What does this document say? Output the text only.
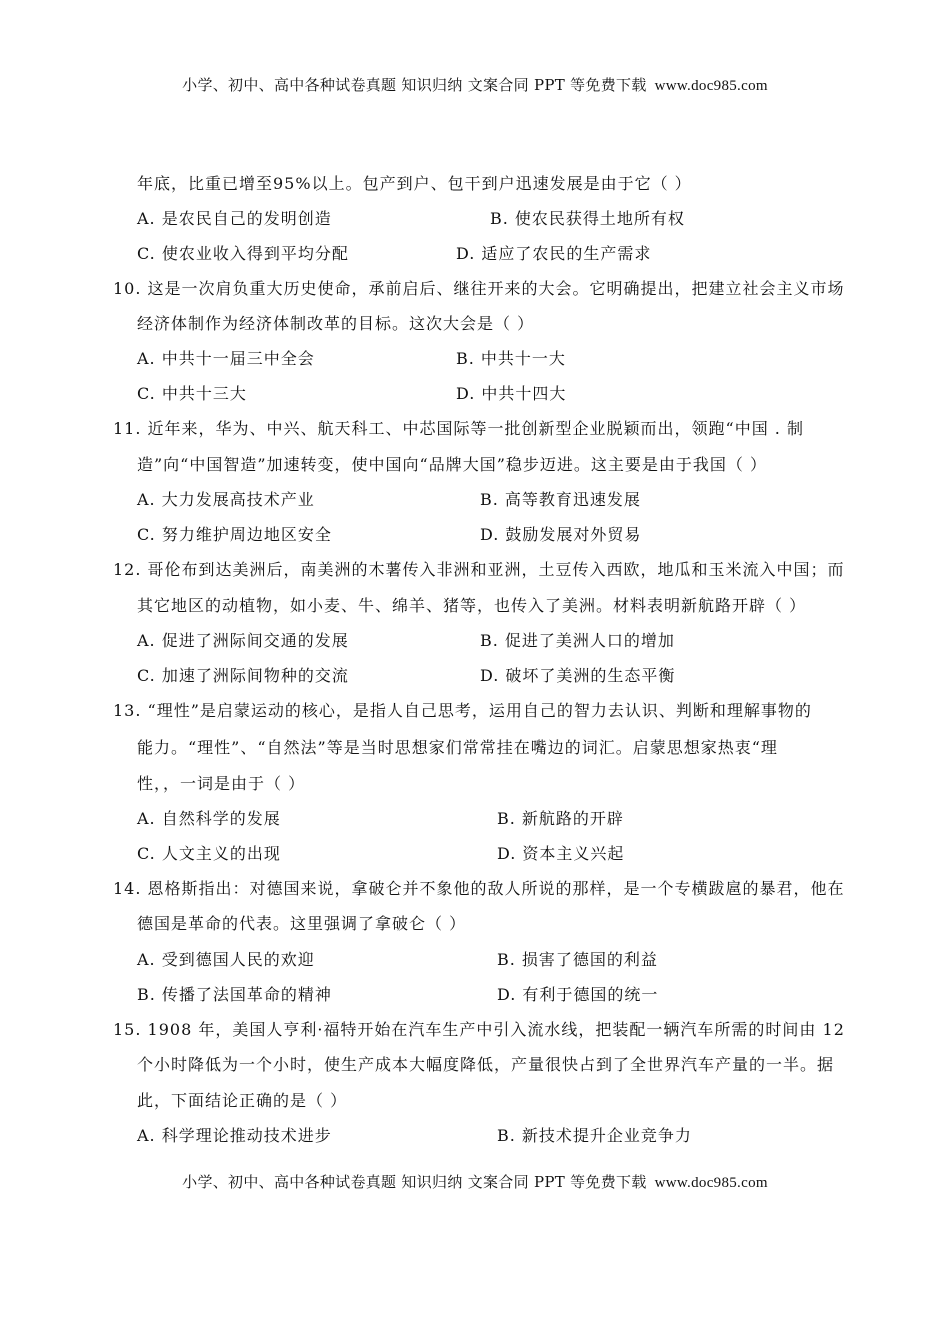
小学、初中、高中各种试卷真题 知识归纳 文案合同 PPT 等免费下载 www.doc985.com
年底，比重已增至95%以上。包产到户、包干到户迅速发展是由于它（ ）
A. 是农民自己的发明创造	B. 使农民获得土地所有权
C. 使农业收入得到平均分配	D. 适应了农民的生产需求
10. 这是一次肩负重大历史使命，承前启后、继往开来的大会。它明确提出，把建立社会主义市场
经济体制作为经济体制改革的目标。这次大会是（ ）
A. 中共十一届三中全会	B. 中共十一大
C. 中共十三大	D. 中共十四大
11. 近年来，华为、中兴、航天科工、中芯国际等一批创新型企业脱颖而出，领跑“中国 . 制
造”向“中国智造”加速转变，使中国向“品牌大国”稳步迈进。这主要是由于我国（ ）
A. 大力发展高技术产业	B. 高等教育迅速发展
C. 努力维护周边地区安全	D. 鼓励发展对外贸易
12. 哥伦布到达美洲后，南美洲的木薯传入非洲和亚洲，土豆传入西欧，地瓜和玉米流入中国；而
其它地区的动植物，如小麦、牛、绵羊、猪等，也传入了美洲。材料表明新航路开辟（ ）
A. 促进了洲际间交通的发展	B. 促进了美洲人口的增加
C. 加速了洲际间物种的交流	D. 破坏了美洲的生态平衡
13. “理性”是启蒙运动的核心，是指人自己思考，运用自己的智力去认识、判断和理解事物的
能力。“理性”、“自然法”等是当时思想家们常常挂在嘴边的词汇。启蒙思想家热衷“理
性，，一词是由于（ ）
A. 自然科学的发展	B. 新航路的开辟
C. 人文主义的出现	D. 资本主义兴起
14. 恩格斯指出：对德国来说，拿破仑并不象他的敌人所说的那样，是一个专横跋扈的暴君，他在
德国是革命的代表。这里强调了拿破仑（ ）
A. 受到德国人民的欢迎	B. 损害了德国的利益
B. 传播了法国革命的精神	D. 有利于德国的统一
15. 1908 年，美国人亨利·福特开始在汽车生产中引入流水线，把装配一辆汽车所需的时间由 12
个小时降低为一个小时，使生产成本大幅度降低，产量很快占到了全世界汽车产量的一半。据
此，下面结论正确的是（ ）
A. 科学理论推动技术进步	B. 新技术提升企业竞争力
小学、初中、高中各种试卷真题 知识归纳 文案合同 PPT 等免费下载 www.doc985.com
